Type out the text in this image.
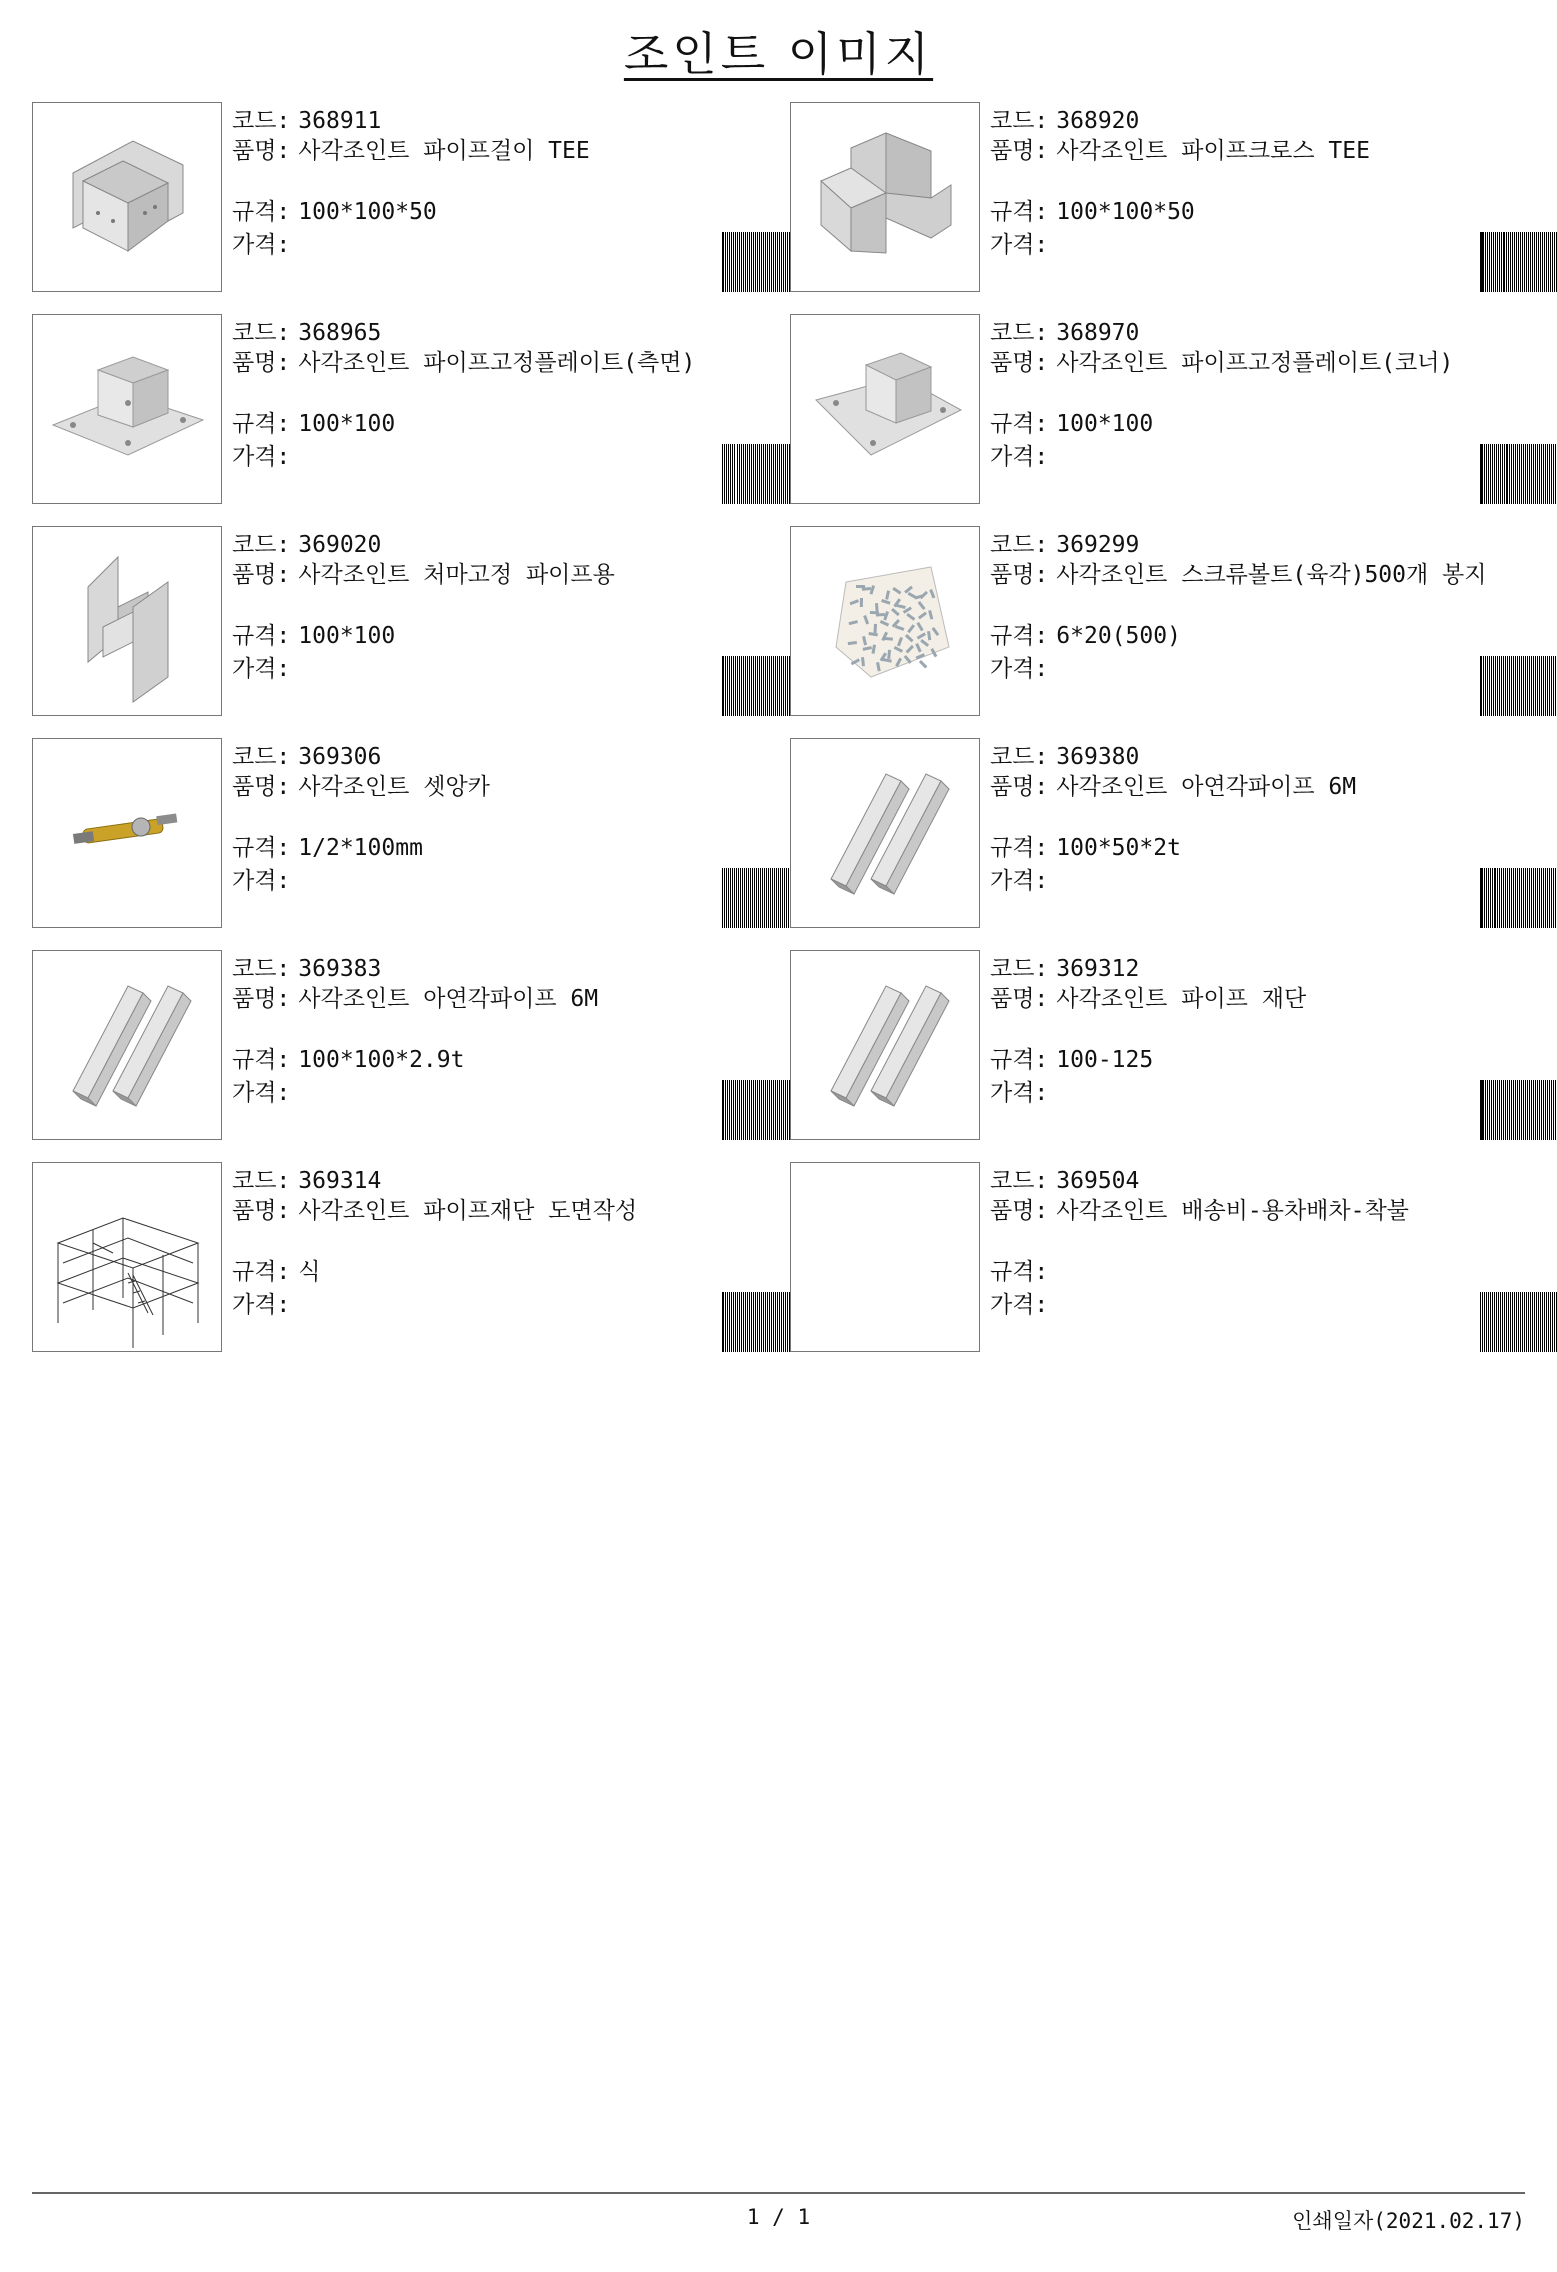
조인트 이미지
코드: 368911
품명: 사각조인트 파이프걸이 TEE
규격: 100*100*50
가격:
코드: 368920
품명: 사각조인트 파이프크로스 TEE
규격: 100*100*50
가격:
코드: 368965
품명: 사각조인트 파이프고정플레이트(측면)
규격: 100*100
가격:
코드: 368970
품명: 사각조인트 파이프고정플레이트(코너)
규격: 100*100
가격:
코드: 369020
품명: 사각조인트 처마고정 파이프용
규격: 100*100
가격:
코드: 369299
품명: 사각조인트 스크류볼트(육각)500개 봉지
규격: 6*20(500)
가격:
코드: 369306
품명: 사각조인트 셋앙카
규격: 1/2*100mm
가격:
코드: 369380
품명: 사각조인트 아연각파이프 6M
규격: 100*50*2t
가격:
코드: 369383
품명: 사각조인트 아연각파이프 6M
규격: 100*100*2.9t
가격:
코드: 369312
품명: 사각조인트 파이프 재단
규격: 100-125
가격:
코드: 369314
품명: 사각조인트 파이프재단 도면작성
규격: 식
가격:
코드: 369504
품명: 사각조인트 배송비-용차배차-착불
규격:
가격:
1 / 1	인쇄일자(2021.02.17)
